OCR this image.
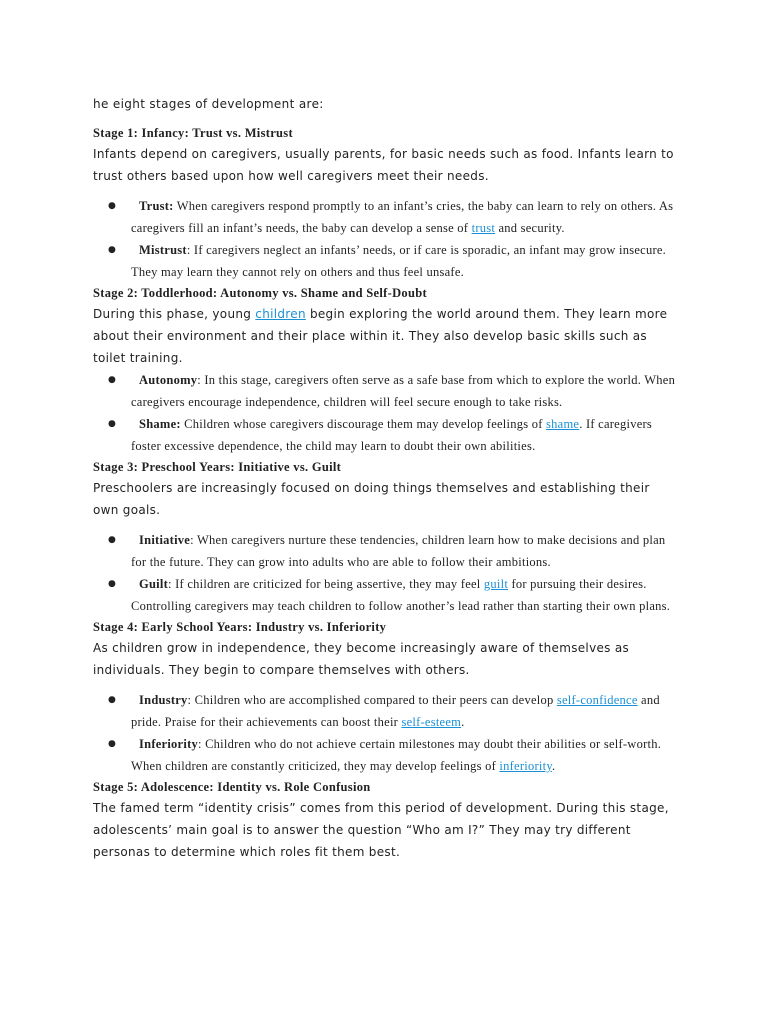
he eight stages of development are:

Stage 1: Infancy: Trust vs. Mistrust

Infants depend on caregivers, usually parents, for basic needs such as food. Infants learn to trust others based upon how well caregivers meet their needs.

● Trust: When caregivers respond promptly to an infant’s cries, the baby can learn to rely on others. As caregivers fill an infant’s needs, the baby can develop a sense of trust and security.
● Mistrust: If caregivers neglect an infants’ needs, or if care is sporadic, an infant may grow insecure. They may learn they cannot rely on others and thus feel unsafe.

Stage 2: Toddlerhood: Autonomy vs. Shame and Self-Doubt

During this phase, young children begin exploring the world around them. They learn more about their environment and their place within it. They also develop basic skills such as toilet training.

● Autonomy: In this stage, caregivers often serve as a safe base from which to explore the world. When caregivers encourage independence, children will feel secure enough to take risks.
● Shame: Children whose caregivers discourage them may develop feelings of shame. If caregivers foster excessive dependence, the child may learn to doubt their own abilities.

Stage 3: Preschool Years: Initiative vs. Guilt

Preschoolers are increasingly focused on doing things themselves and establishing their own goals.

● Initiative: When caregivers nurture these tendencies, children learn how to make decisions and plan for the future. They can grow into adults who are able to follow their ambitions.
● Guilt: If children are criticized for being assertive, they may feel guilt for pursuing their desires. Controlling caregivers may teach children to follow another’s lead rather than starting their own plans.

Stage 4: Early School Years: Industry vs. Inferiority

As children grow in independence, they become increasingly aware of themselves as individuals. They begin to compare themselves with others.

● Industry: Children who are accomplished compared to their peers can develop self-confidence and pride. Praise for their achievements can boost their self-esteem.
● Inferiority: Children who do not achieve certain milestones may doubt their abilities or self-worth. When children are constantly criticized, they may develop feelings of inferiority.

Stage 5: Adolescence: Identity vs. Role Confusion

The famed term “identity crisis” comes from this period of development. During this stage, adolescents’ main goal is to answer the question “Who am I?” They may try different personas to determine which roles fit them best.
